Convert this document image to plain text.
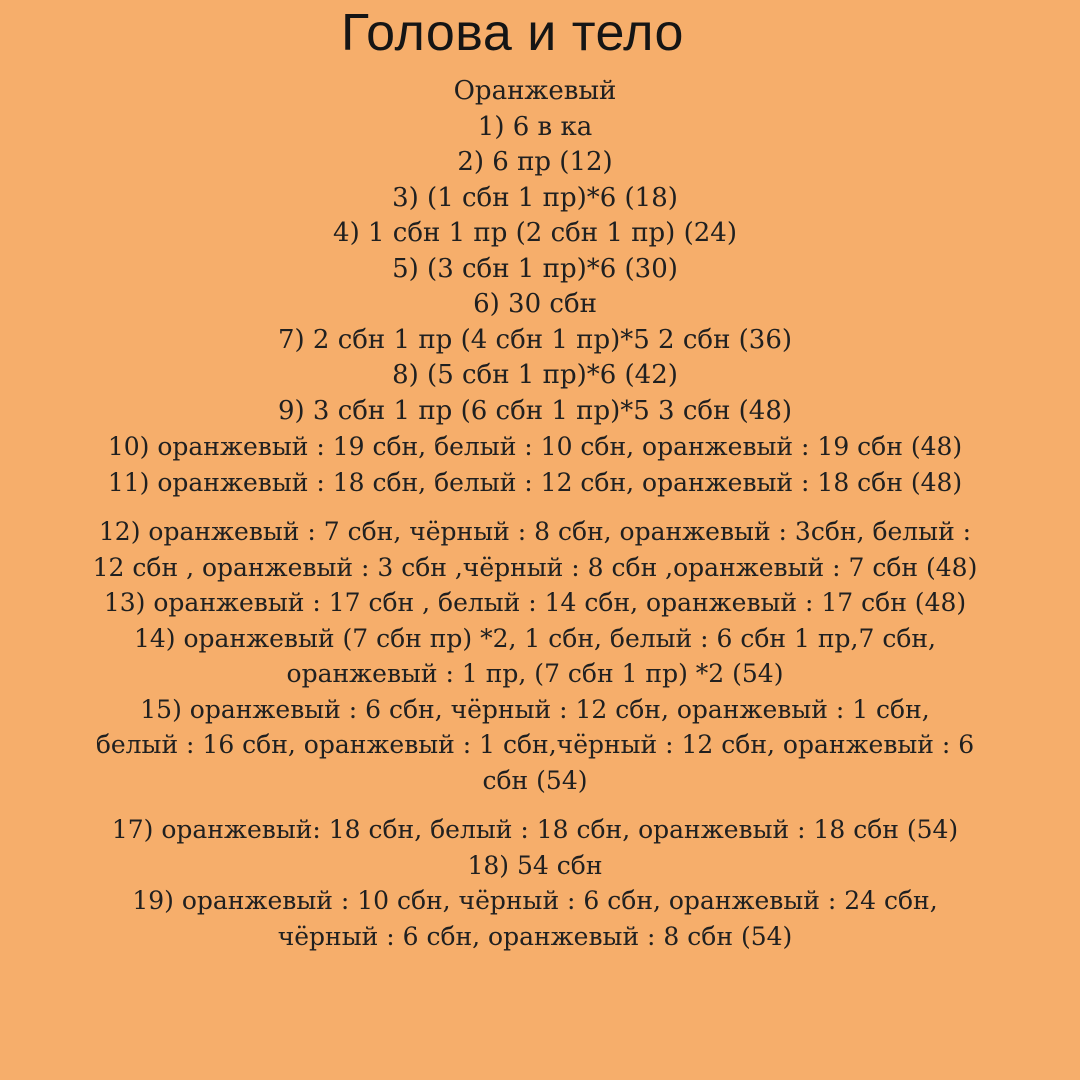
Голова и тело
Оранжевый
1) 6 в ка
2) 6 пр (12)
3) (1 сбн 1 пр)*6 (18)
4) 1 сбн 1 пр (2 сбн 1 пр) (24)
5) (3 сбн 1 пр)*6 (30)
6) 30 сбн
7) 2 сбн 1 пр (4 сбн 1 пр)*5 2 сбн (36)
8) (5 сбн 1 пр)*6 (42)
9) 3 сбн 1 пр (6 сбн 1 пр)*5 3 сбн (48)
10) оранжевый : 19 сбн, белый : 10 сбн, оранжевый : 19 сбн (48)
11) оранжевый : 18 сбн, белый : 12 сбн, оранжевый : 18 сбн (48)
12) оранжевый : 7 сбн, чёрный : 8 сбн, оранжевый : 3сбн, белый :
12 сбн , оранжевый : 3 сбн ,чёрный : 8 сбн ,оранжевый : 7 сбн (48)
13) оранжевый : 17 сбн , белый : 14 сбн, оранжевый : 17 сбн (48)
14) оранжевый (7 сбн пр) *2, 1 сбн, белый : 6 сбн 1 пр,7 сбн,
оранжевый : 1 пр, (7 сбн 1 пр) *2 (54)
15) оранжевый : 6 сбн, чёрный : 12 сбн, оранжевый : 1 сбн,
белый : 16 сбн, оранжевый : 1 сбн,чёрный : 12 сбн, оранжевый : 6
сбн (54)
17) оранжевый: 18 сбн, белый : 18 сбн, оранжевый : 18 сбн (54)
18) 54 сбн
19) оранжевый : 10 сбн, чёрный : 6 сбн, оранжевый : 24 сбн,
чёрный : 6 сбн, оранжевый : 8 сбн (54)
